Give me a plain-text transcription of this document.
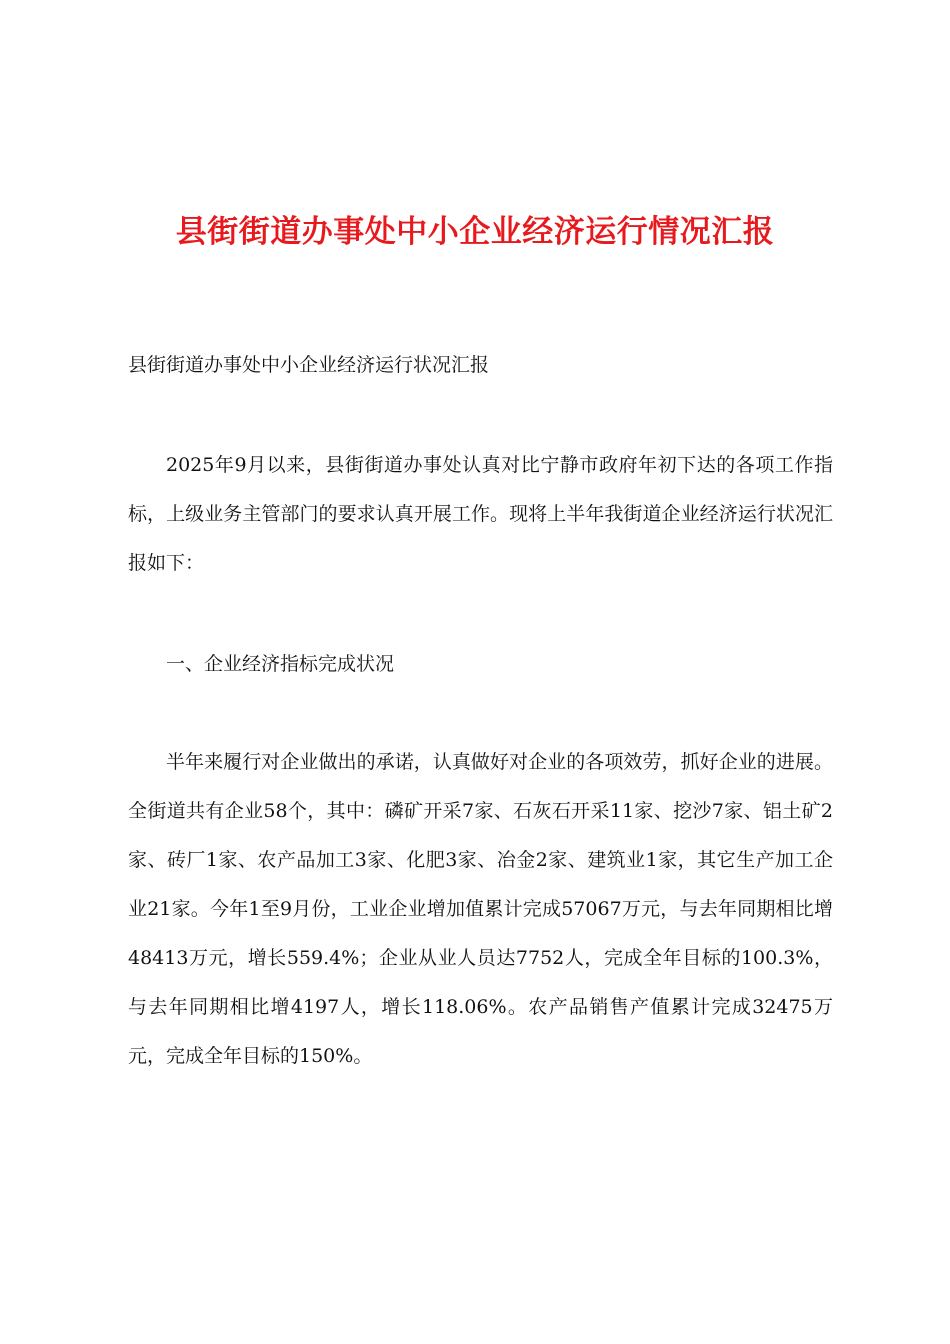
县街街道办事处中小企业经济运行情况汇报

县街街道办事处中小企业经济运行状况汇报

2025年9月以来，县街街道办事处认真对比宁静市政府年初下达的各项工作指标，上级业务主管部门的要求认真开展工作。现将上半年我街道企业经济运行状况汇报如下：

一、企业经济指标完成状况

半年来履行对企业做出的承诺，认真做好对企业的各项效劳，抓好企业的进展。全街道共有企业58个，其中：磷矿开采7家、石灰石开采11家、挖沙7家、铝土矿2家、砖厂1家、农产品加工3家、化肥3家、冶金2家、建筑业1家，其它生产加工企业21家。今年1至9月份，工业企业增加值累计完成57067万元，与去年同期相比增48413万元，增长559.4%；企业从业人员达7752人，完成全年目标的100.3%，与去年同期相比增4197人，增长118.06%。农产品销售产值累计完成32475万元，完成全年目标的150%。
